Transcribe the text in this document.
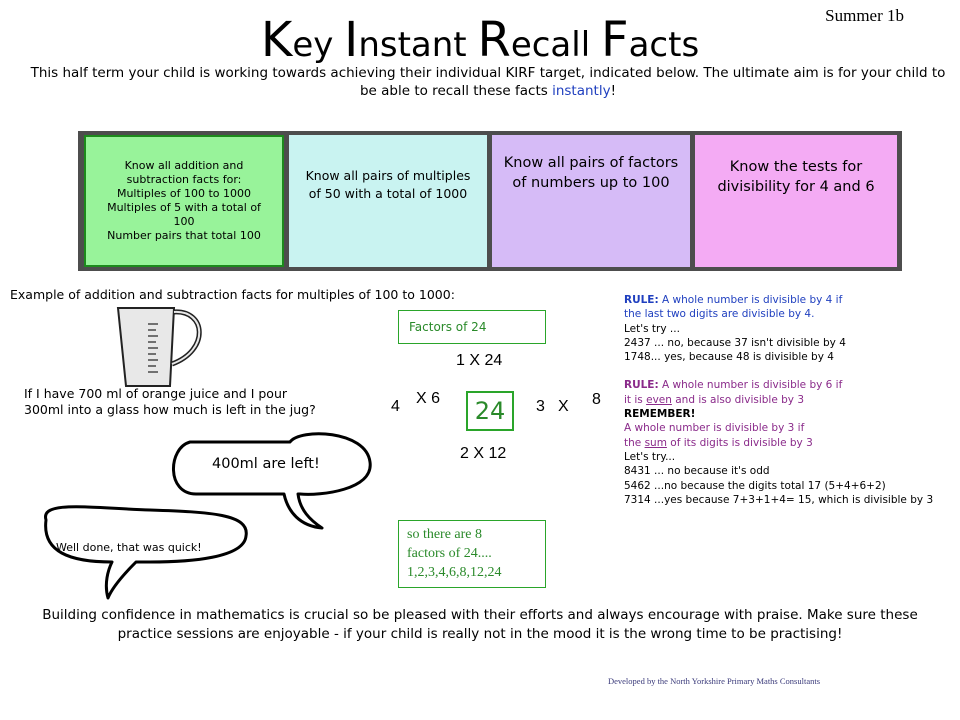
Summer 1b
Key Instant Recall Facts
This half term your child is working towards achieving their individual KIRF target, indicated below. The ultimate aim is for your child to be able to recall these facts instantly!
Know all addition and
subtraction facts for:
Multiples of 100 to 1000
Multiples of 5 with a total of
100
Number pairs that total 100
Know all pairs of multiples of 50 with a total of 1000
Know all pairs of factors of numbers up to 100
Know the tests for divisibility for 4 and 6
Example of addition and subtraction facts for multiples of 100 to 1000:
If I have 700 ml of orange juice and I pour
300ml into a glass how much is left in the jug?
400ml are left!
Well done, that was quick!
Factors of 24
1 X 24
4 X 6	24	3 X 8
2 X 12
so there are 8
factors of 24....
1,2,3,4,6,8,12,24
RULE: A whole number is divisible by 4 if
the last two digits are divisible by 4.
Let's try ...
2437 ... no, because 37 isn't divisible by 4
1748... yes, because 48 is divisible by 4
RULE: A whole number is divisible by 6 if
it is even and is also divisible by 3
REMEMBER!
A whole number is divisible by 3 if
the sum of its digits is divisible by 3
Let's try...
8431 ... no because it's odd
5462 ...no because the digits total 17 (5+4+6+2)
7314 ...yes because 7+3+1+4= 15, which is divisible by 3
Building confidence in mathematics is crucial so be pleased with their efforts and always encourage with praise. Make sure these practice sessions are enjoyable - if your child is really not in the mood it is the wrong time to be practising!
Developed by the North Yorkshire Primary Maths Consultants
